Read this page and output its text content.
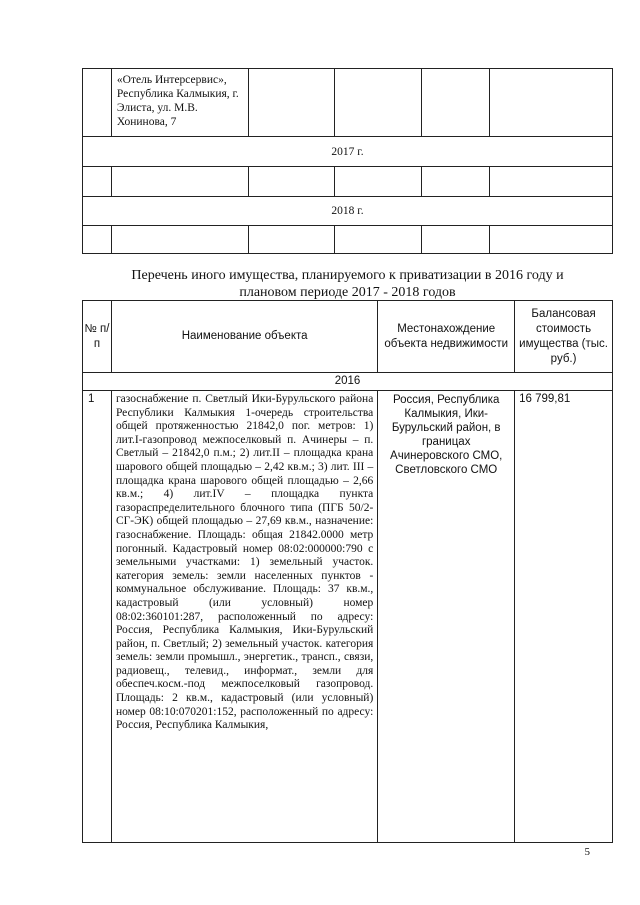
	«Отель Интерсервис», Республика Калмыкия, г. Элиста, ул. М.В. Хонинова, 7				
2017 г.					

2018 г.					

Перечень иного имущества, планируемого к приватизации в 2016 году и
плановом периоде 2017 - 2018 годов
№ п/ п	Наименование объекта	Местонахождение объекта недвижимости	Балансовая стоимость имущества (тыс. руб.)
2016			
1	газоснабжение п. Светлый Ики-Бурульского района Республики Калмыкия 1-очередь строительства общей протяженностью 21842,0 пог. метров: 1) лит.I-газопровод межпоселковый п. Ачинеры – п. Светлый – 21842,0 п.м.; 2) лит.II – площадка крана шарового общей площадью – 2,42 кв.м.; 3) лит. III – площадка крана шарового общей площадью – 2,66 кв.м.; 4) лит.IV – площадка пункта газораспределительного блочного типа (ПГБ 50/2-СГ-ЭК) общей площадью – 27,69 кв.м., назначение: газоснабжение. Площадь: общая 21842.0000 метр погонный. Кадастровый номер 08:02:000000:790 с земельными участками: 1) земельный участок. категория земель: земли населенных пунктов - коммунальное обслуживание. Площадь: 37 кв.м., кадастровый (или условный) номер 08:02:360101:287, расположенный по адресу: Россия, Республика Калмыкия, Ики-Бурульский район, п. Светлый; 2) земельный участок. категория земель: земли промышл., энергетик., трансп., связи, радиовещ., телевид., информат., земли для обеспеч.косм.-под межпоселковый газопровод. Площадь: 2 кв.м., кадастровый (или условный) номер 08:10:070201:152, расположенный по адресу: Россия, Республика Калмыкия,	Россия, Республика Калмыкия, Ики-Бурульский район, в границах Ачинеровского СМО, Светловского СМО	16 799,81
5
